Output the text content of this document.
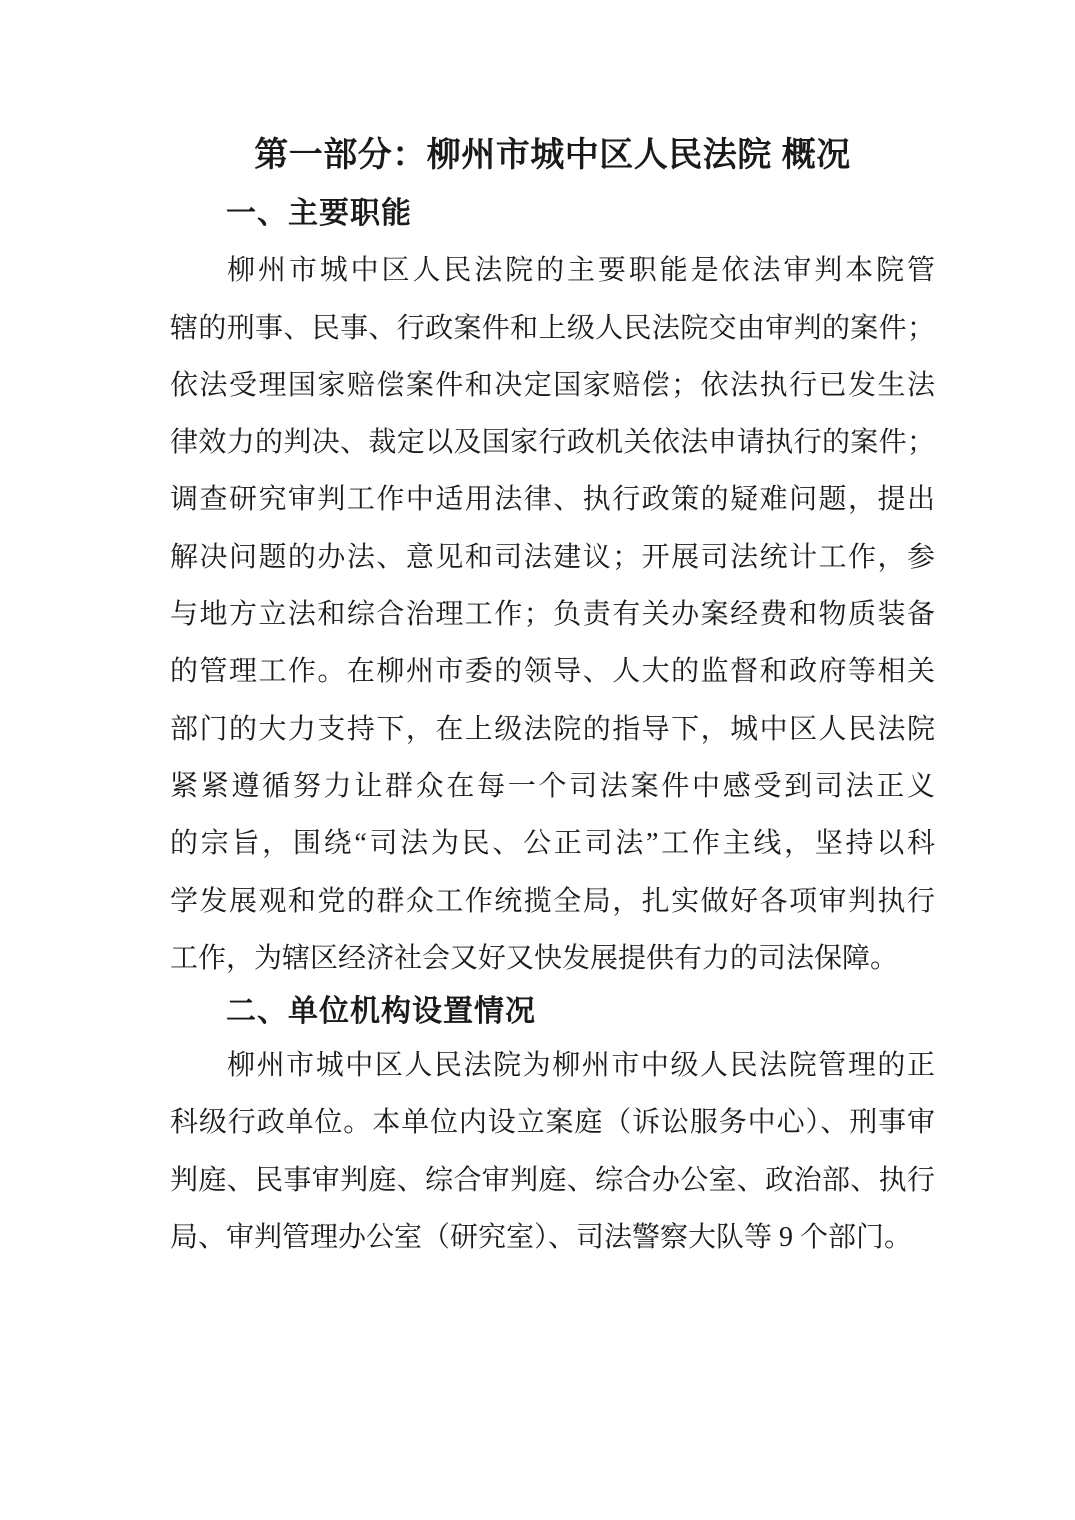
第一部分：柳州市城中区人民法院 概况
一、主要职能
柳州市城中区人民法院的主要职能是依法审判本院管
辖的刑事、民事、行政案件和上级人民法院交由审判的案件；
依法受理国家赔偿案件和决定国家赔偿；依法执行已发生法
律效力的判决、裁定以及国家行政机关依法申请执行的案件；
调查研究审判工作中适用法律、执行政策的疑难问题，提出
解决问题的办法、意见和司法建议；开展司法统计工作，参
与地方立法和综合治理工作；负责有关办案经费和物质装备
的管理工作。在柳州市委的领导、人大的监督和政府等相关
部门的大力支持下，在上级法院的指导下，城中区人民法院
紧紧遵循努力让群众在每一个司法案件中感受到司法正义
的宗旨，围绕“司法为民、公正司法”工作主线，坚持以科
学发展观和党的群众工作统揽全局，扎实做好各项审判执行
工作，为辖区经济社会又好又快发展提供有力的司法保障。
二、单位机构设置情况
柳州市城中区人民法院为柳州市中级人民法院管理的正
科级行政单位。本单位内设立案庭（诉讼服务中心）、刑事审
判庭、民事审判庭、综合审判庭、综合办公室、政治部、执行
局、审判管理办公室（研究室）、司法警察大队等 9 个部门。
